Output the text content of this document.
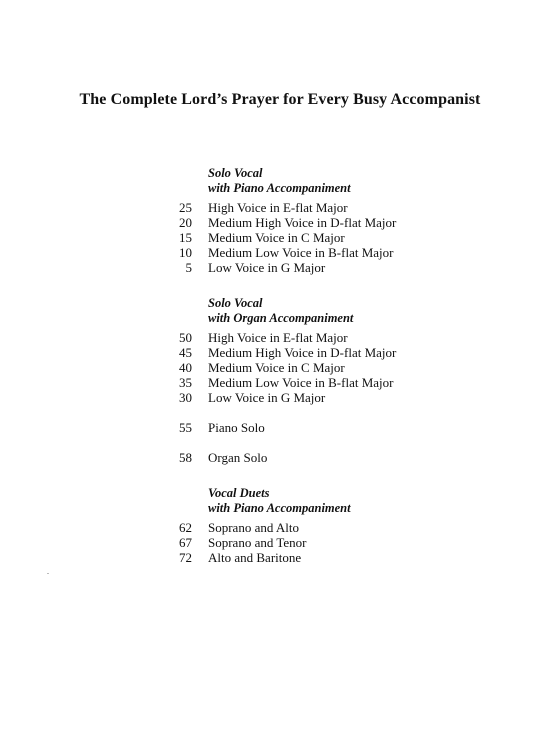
The Complete Lord’s Prayer for Every Busy Accompanist
Solo Vocal
with Piano Accompaniment
25 High Voice in E-flat Major
20 Medium High Voice in D-flat Major
15 Medium Voice in C Major
10 Medium Low Voice in B-flat Major
5 Low Voice in G Major
Solo Vocal
with Organ Accompaniment
50 High Voice in E-flat Major
45 Medium High Voice in D-flat Major
40 Medium Voice in C Major
35 Medium Low Voice in B-flat Major
30 Low Voice in G Major
55 Piano Solo
58 Organ Solo
Vocal Duets
with Piano Accompaniment
62 Soprano and Alto
67 Soprano and Tenor
72 Alto and Baritone
